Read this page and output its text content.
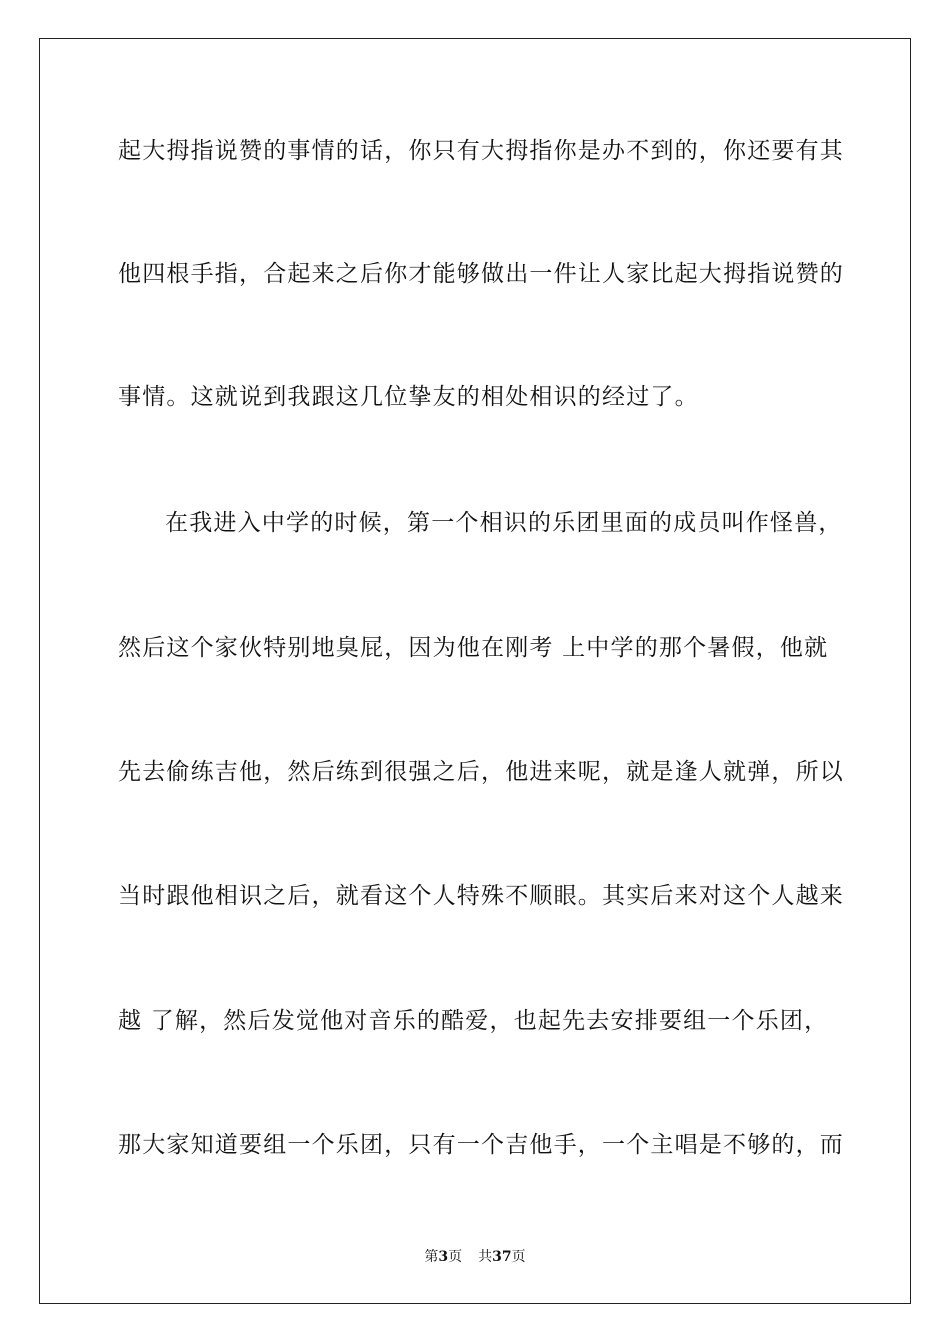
起大拇指说赞的事情的话，你只有大拇指你是办不到的，你还要有其
他四根手指，合起来之后你才能够做出一件让人家比起大拇指说赞的
事情。这就说到我跟这几位挚友的相处相识的经过了。
在我进入中学的时候，第一个相识的乐团里面的成员叫作怪兽，
然后这个家伙特别地臭屁，因为他在刚考 上中学的那个暑假，他就
先去偷练吉他，然后练到很强之后，他进来呢，就是逢人就弹，所以
当时跟他相识之后，就看这个人特殊不顺眼。其实后来对这个人越来
越 了解，然后发觉他对音乐的酷爱，也起先去安排要组一个乐团，
那大家知道要组一个乐团，只有一个吉他手，一个主唱是不够的，而
第3页 共37页
